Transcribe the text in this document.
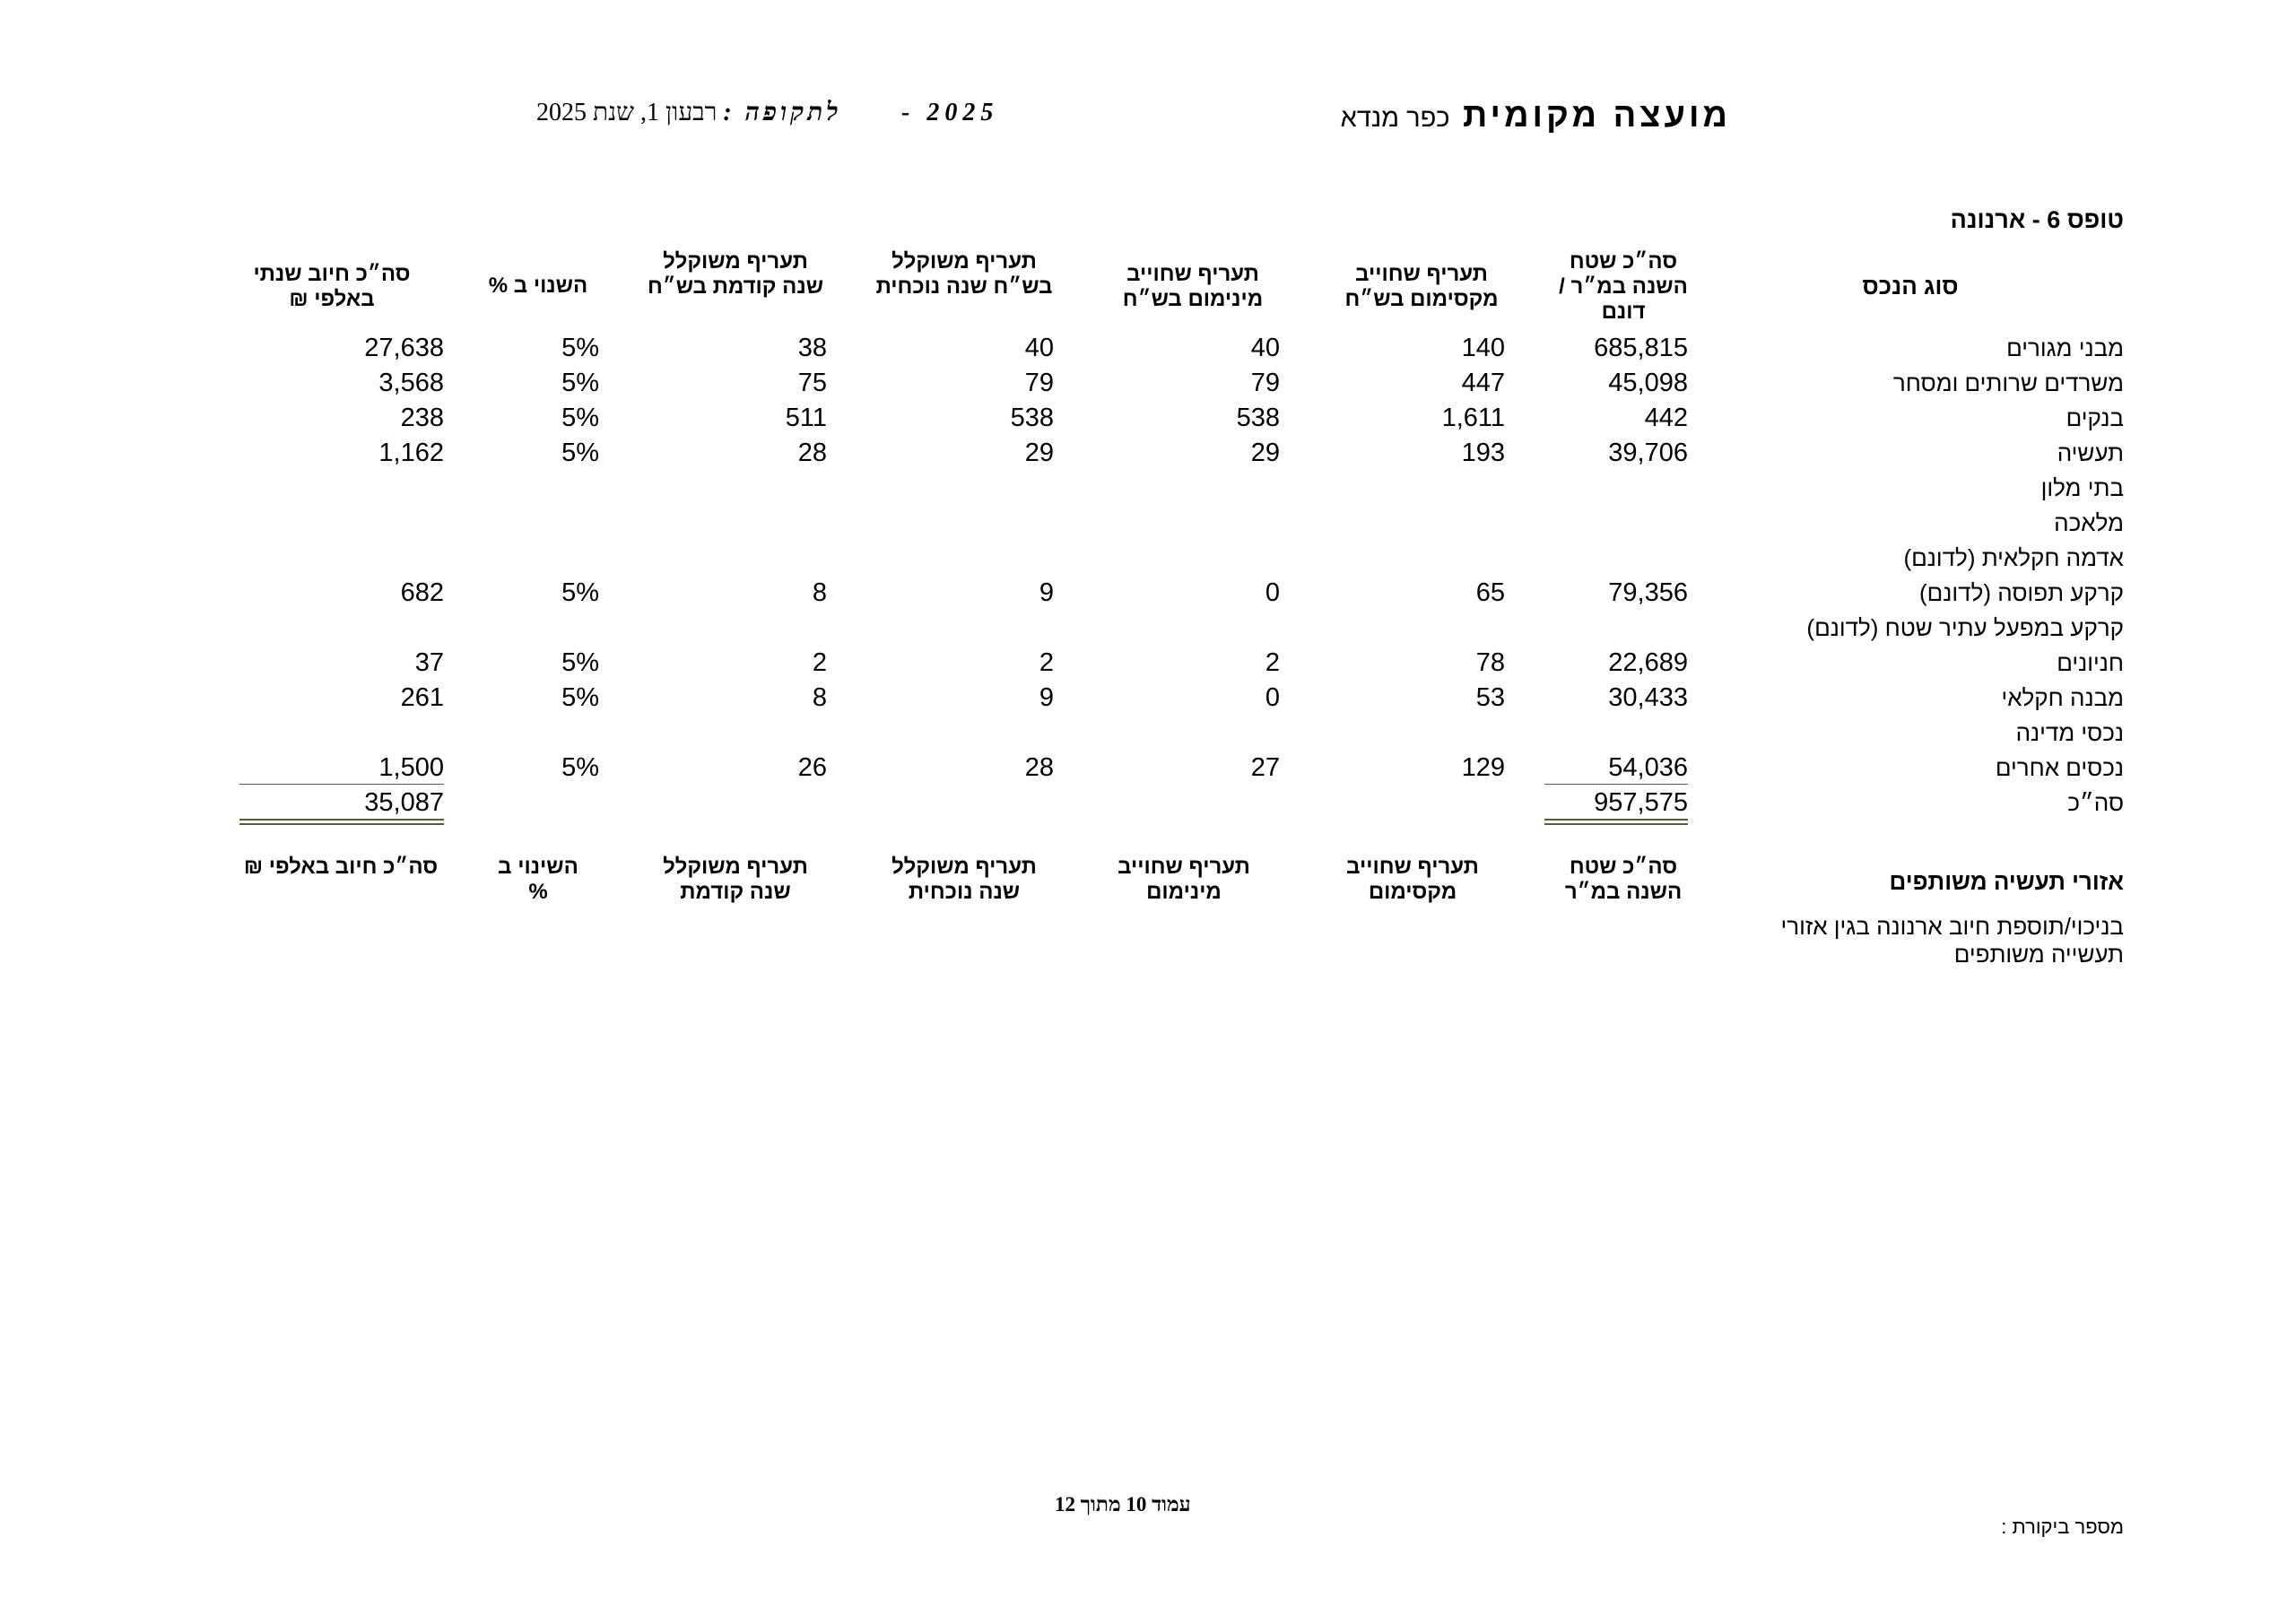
מועצה מקומית כפר מנדא
לתקופה : רבעון 1, שנת 2025	2025 -
טופס 6 - ארנונה
סוג הנכס
סה״כ שטח השנה במ״ר / דונם
תעריף שחוייב מקסימום בש״ח
תעריף שחוייב מינימום בש״ח
תעריף משוקלל בש״ח שנה נוכחית
תעריף משוקלל שנה קודמת בש״ח
השנוי ב %
סה״כ חיוב שנתי באלפי ₪
מבני מגורים
685,815
140
40
40
38
5%
27,638
משרדים שרותים ומסחר
45,098
447
79
79
75
5%
3,568
בנקים
442
1,611
538
538
511
5%
238
תעשיה
39,706
193
29
29
28
5%
1,162
בתי מלון
מלאכה
אדמה חקלאית (לדונם)
קרקע תפוסה (לדונם)
79,356
65
0
9
8
5%
682
קרקע במפעל עתיר שטח (לדונם)
חניונים
22,689
78
2
2
2
5%
37
מבנה חקלאי
30,433
53
0
9
8
5%
261
נכסי מדינה
נכסים אחרים
54,036
129
27
28
26
5%
1,500
סה״כ
957,575
35,087
אזורי תעשיה משותפים
סה״כ שטח השנה במ״ר
תעריף שחוייב מקסימום
תעריף שחוייב מינימום
תעריף משוקלל שנה נוכחית
תעריף משוקלל שנה קודמת
השינוי ב %
סה״כ חיוב באלפי ₪
בניכוי/תוספת חיוב ארנונה בגין אזורי תעשייה משותפים
עמוד 10 מתוך 12
מספר ביקורת :
